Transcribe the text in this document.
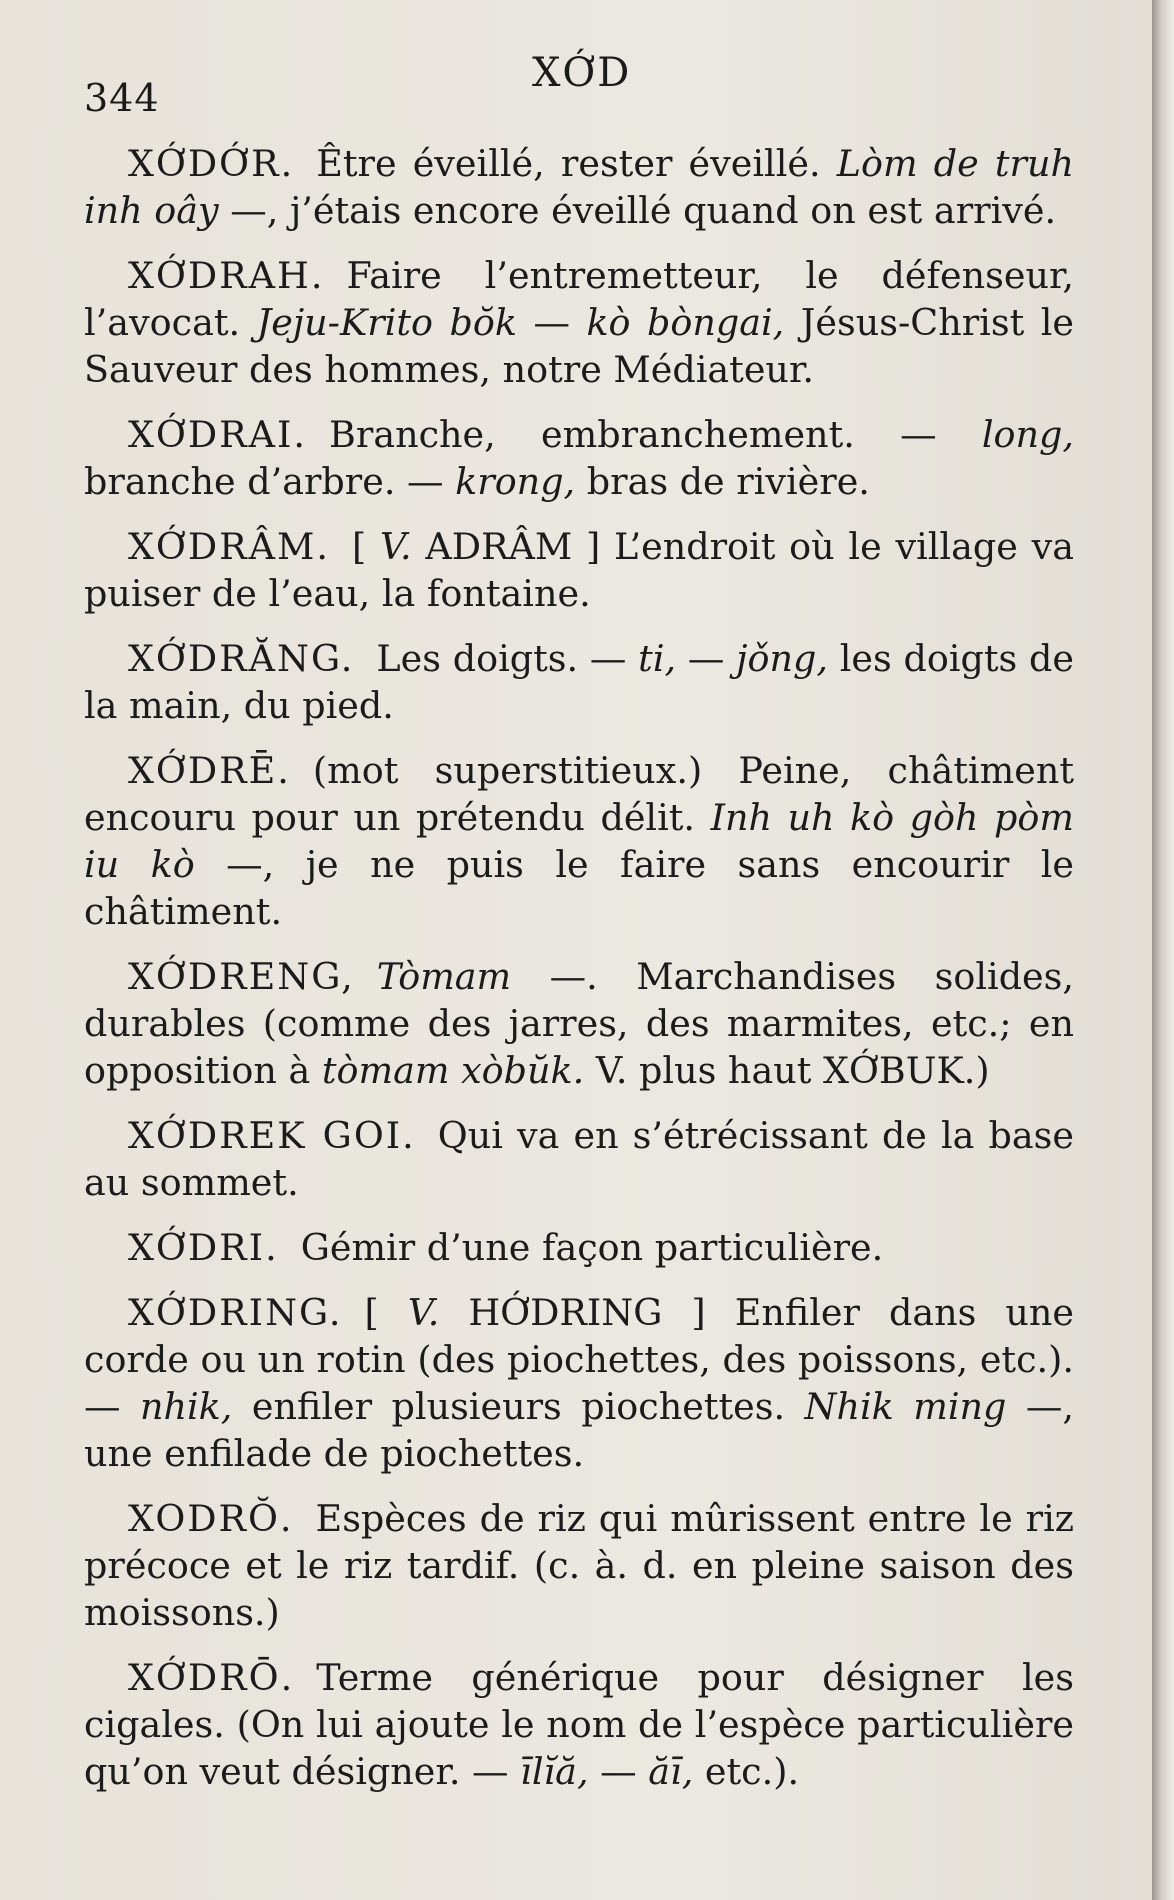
344
XỚD

XỚDỚR. Être éveillé, rester éveillé. Lòm de truh inh oây —, j’étais encore éveillé quand on est arrivé.

XỚDRAH. Faire l’entremetteur, le défenseur, l’avocat. Jeju-Krito bŏk — kò bòngai, Jésus-Christ le Sauveur des hommes, notre Médiateur.

XỚDRAI. Branche, embranchement. — long, branche d’arbre. — krong, bras de rivière.

XỚDRÂM. [ V. ADRÂM ] L’endroit où le village va puiser de l’eau, la fontaine.

XỚDRĂNG. Les doigts. — ti, — jǒng, les doigts de la main, du pied.

XỚDRĒ. (mot superstitieux.) Peine, châtiment encouru pour un prétendu délit. Inh uh kò gòh pòm iu kò —, je ne puis le faire sans encourir le châtiment.

XỚDRENG, Tòmam —. Marchandises solides, durables (comme des jarres, des marmites, etc.; en opposition à tòmam xòbŭk. V. plus haut XỚBUK.)

XỚDREK GOI. Qui va en s’étrécissant de la base au sommet.

XỚDRI. Gémir d’une façon particulière.

XỚDRING. [ V. HỚDRING ] Enfiler dans une corde ou un rotin (des piochettes, des poissons, etc.). — nhik, enfiler plusieurs piochettes. Nhik ming —, une enfilade de piochettes.

XODRŎ. Espèces de riz qui mûrissent entre le riz précoce et le riz tardif. (c. à. d. en pleine saison des moissons.)

XỚDRŌ. Terme générique pour désigner les cigales. (On lui ajoute le nom de l’espèce particulière qu’on veut désigner. — īlĭă, — ăī, etc.).
